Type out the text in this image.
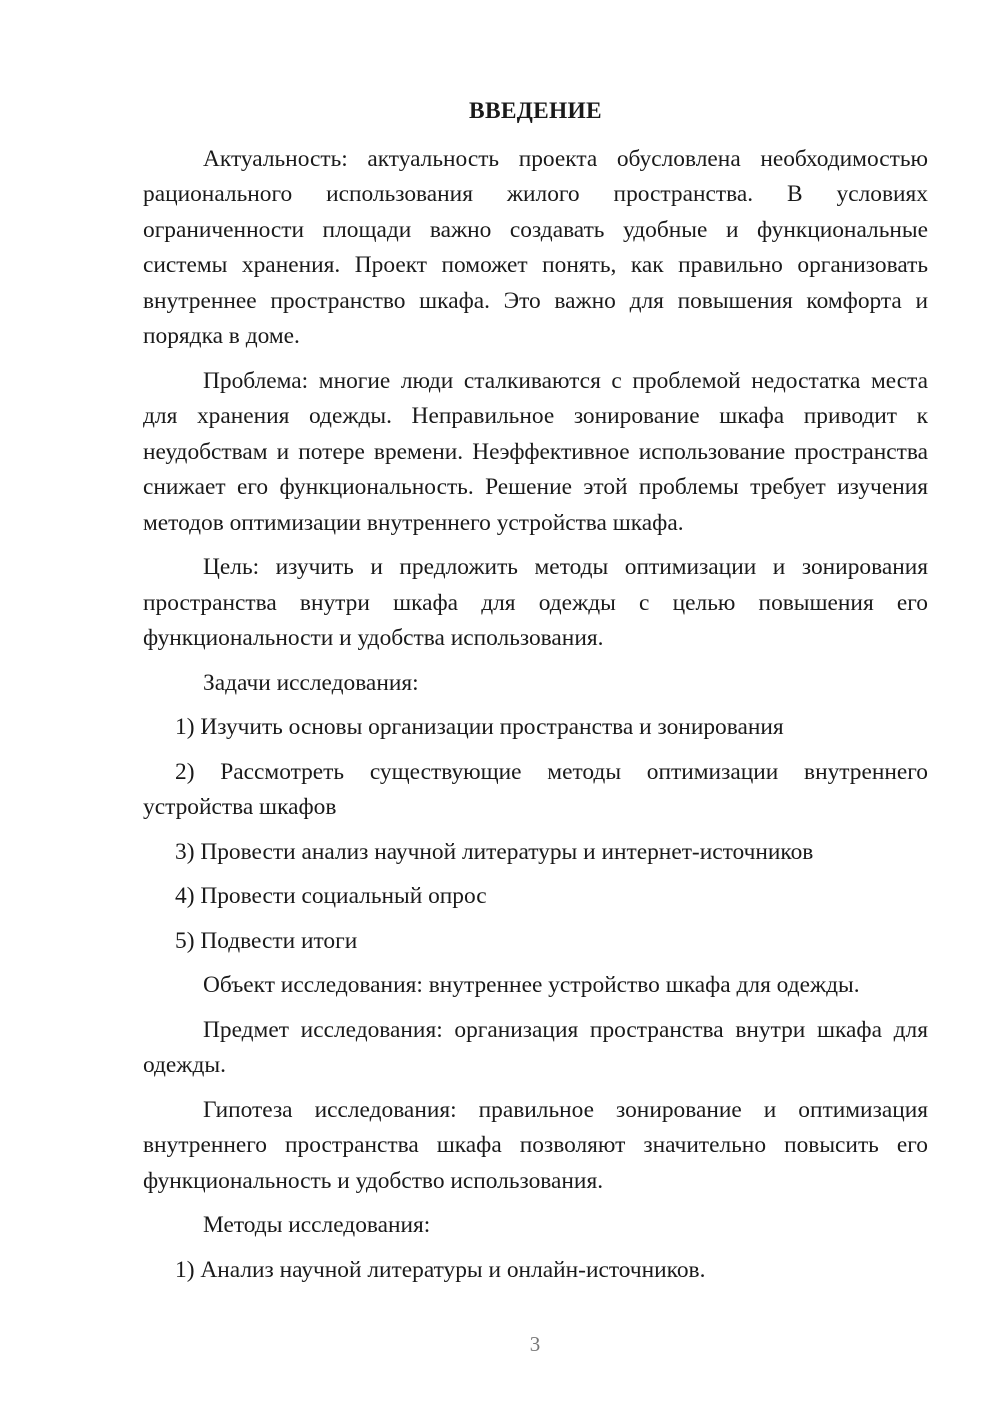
ВВЕДЕНИЕ

Актуальность: актуальность проекта обусловлена необходимостью рационального использования жилого пространства. В условиях ограниченности площади важно создавать удобные и функциональные системы хранения. Проект поможет понять, как правильно организовать внутреннее пространство шкафа. Это важно для повышения комфорта и порядка в доме.

Проблема: многие люди сталкиваются с проблемой недостатка места для хранения одежды. Неправильное зонирование шкафа приводит к неудобствам и потере времени. Неэффективное использование пространства снижает его функциональность. Решение этой проблемы требует изучения методов оптимизации внутреннего устройства шкафа.

Цель: изучить и предложить методы оптимизации и зонирования пространства внутри шкафа для одежды с целью повышения его функциональности и удобства использования.

Задачи исследования:

1) Изучить основы организации пространства и зонирования

2) Рассмотреть существующие методы оптимизации внутреннего устройства шкафов

3) Провести анализ научной литературы и интернет-источников

4) Провести социальный опрос

5) Подвести итоги

Объект исследования: внутреннее устройство шкафа для одежды.

Предмет исследования: организация пространства внутри шкафа для одежды.

Гипотеза исследования: правильное зонирование и оптимизация внутреннего пространства шкафа позволяют значительно повысить его функциональность и удобство использования.

Методы исследования:

1) Анализ научной литературы и онлайн-источников.

3
